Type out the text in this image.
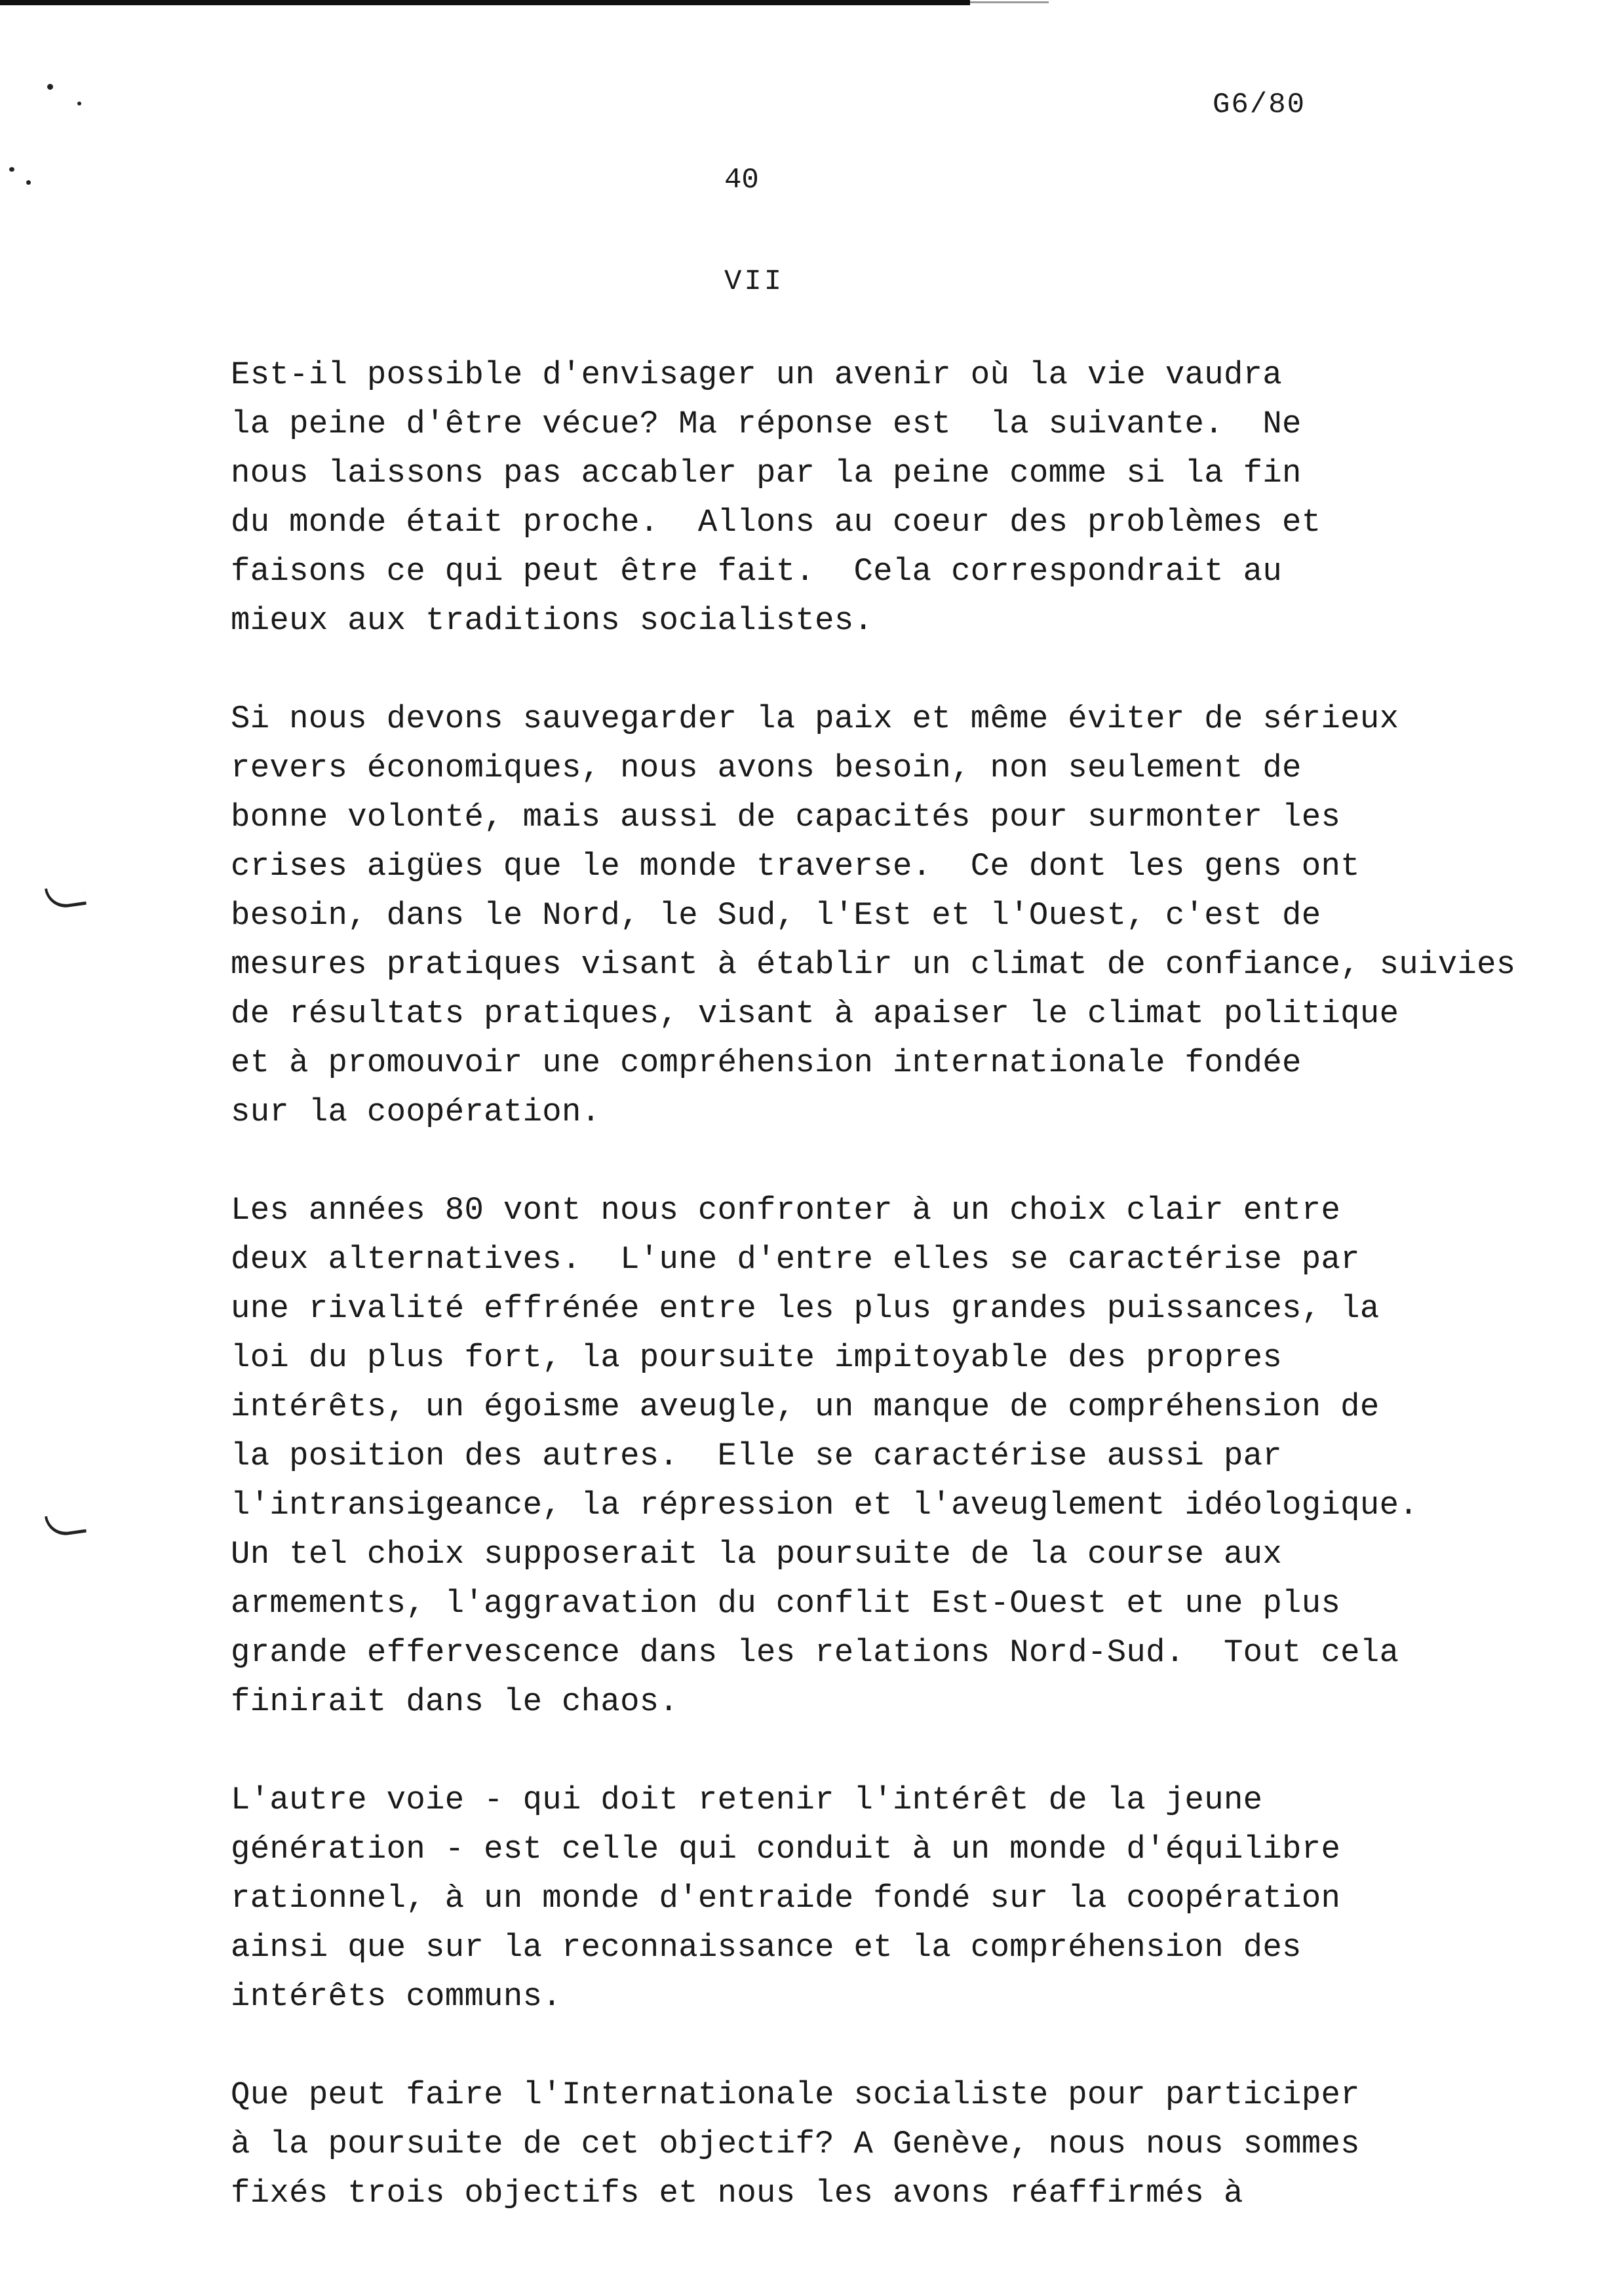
G6/80
40
VII
Est-il possible d'envisager un avenir où la vie vaudra
la peine d'être vécue? Ma réponse est  la suivante.  Ne
nous laissons pas accabler par la peine comme si la fin
du monde était proche.  Allons au coeur des problèmes et
faisons ce qui peut être fait.  Cela correspondrait au
mieux aux traditions socialistes.
Si nous devons sauvegarder la paix et même éviter de sérieux
revers économiques, nous avons besoin, non seulement de
bonne volonté, mais aussi de capacités pour surmonter les
crises aigües que le monde traverse.  Ce dont les gens ont
besoin, dans le Nord, le Sud, l'Est et l'Ouest, c'est de
mesures pratiques visant à établir un climat de confiance, suivies
de résultats pratiques, visant à apaiser le climat politique
et à promouvoir une compréhension internationale fondée
sur la coopération.
Les années 80 vont nous confronter à un choix clair entre
deux alternatives.  L'une d'entre elles se caractérise par
une rivalité effrénée entre les plus grandes puissances, la
loi du plus fort, la poursuite impitoyable des propres
intérêts, un égoisme aveugle, un manque de compréhension de
la position des autres.  Elle se caractérise aussi par
l'intransigeance, la répression et l'aveuglement idéologique.
Un tel choix supposerait la poursuite de la course aux
armements, l'aggravation du conflit Est-Ouest et une plus
grande effervescence dans les relations Nord-Sud.  Tout cela
finirait dans le chaos.
L'autre voie - qui doit retenir l'intérêt de la jeune
génération - est celle qui conduit à un monde d'équilibre
rationnel, à un monde d'entraide fondé sur la coopération
ainsi que sur la reconnaissance et la compréhension des
intérêts communs.
Que peut faire l'Internationale socialiste pour participer
à la poursuite de cet objectif? A Genève, nous nous sommes
fixés trois objectifs et nous les avons réaffirmés à
